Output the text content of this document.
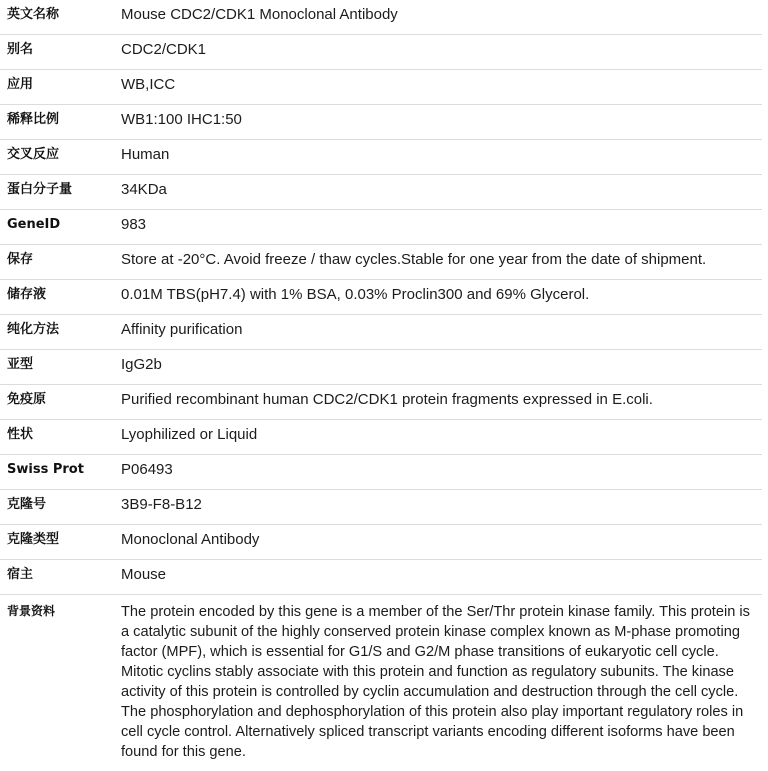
英文名称	Mouse CDC2/CDK1 Monoclonal Antibody

别名	CDC2/CDK1

应用	WB,ICC

稀释比例	WB1:100 IHC1:50

交叉反应	Human

蛋白分子量	34KDa

GeneID	983

保存	Store at -20°C. Avoid freeze / thaw cycles.Stable for one year from the date of shipment.

储存液	0.01M TBS(pH7.4) with 1% BSA, 0.03% Proclin300 and 69% Glycerol.

纯化方法	Affinity purification

亚型	IgG2b

免疫原	Purified recombinant human CDC2/CDK1 protein fragments expressed in E.coli.

性状	Lyophilized or Liquid

Swiss Prot	P06493

克隆号	3B9-F8-B12

克隆类型	Monoclonal Antibody

宿主	Mouse

背景资料	The protein encoded by this gene is a member of the Ser/Thr protein kinase family. This protein is a catalytic subunit of the highly conserved protein kinase complex known as M-phase promoting factor (MPF), which is essential for G1/S and G2/M phase transitions of eukaryotic cell cycle. Mitotic cyclins stably associate with this protein and function as regulatory subunits. The kinase activity of this protein is controlled by cyclin accumulation and destruction through the cell cycle. The phosphorylation and dephosphorylation of this protein also play important regulatory roles in cell cycle control. Alternatively spliced transcript variants encoding different isoforms have been found for this gene.
